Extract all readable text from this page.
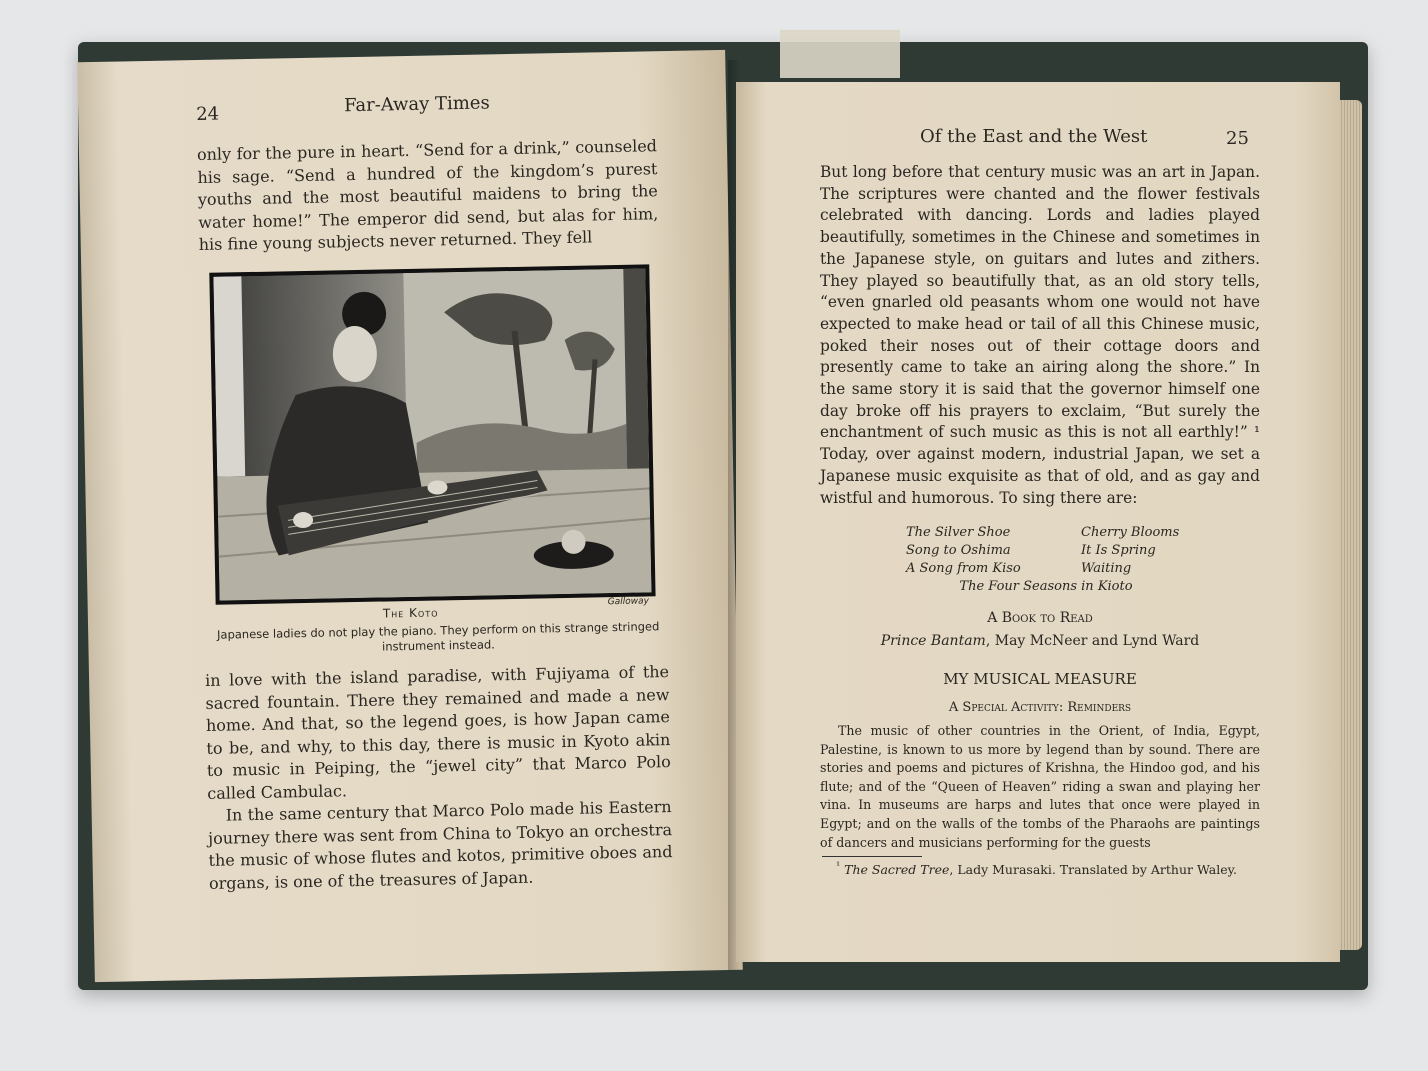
24	Far-Away Times

only for the pure in heart. “Send for a drink,” counseled his sage. “Send a hundred of the kingdom’s purest youths and the most beautiful maidens to bring the water home!” The emperor did send, but alas for him, his fine young subjects never returned. They fell

The Koto
Galloway
Japanese ladies do not play the piano. They perform on this strange stringed instrument instead.

in love with the island paradise, with Fujiyama of the sacred fountain. There they remained and made a new home. And that, so the legend goes, is how Japan came to be, and why, to this day, there is music in Kyoto akin to music in Peiping, the “jewel city” that Marco Polo called Cambulac.

In the same century that Marco Polo made his Eastern journey there was sent from China to Tokyo an orchestra the music of whose flutes and kotos, primitive oboes and organs, is one of the treasures of Japan.

Of the East and the West	25

But long before that century music was an art in Japan. The scriptures were chanted and the flower festivals celebrated with dancing. Lords and ladies played beautifully, sometimes in the Chinese and sometimes in the Japanese style, on guitars and lutes and zithers. They played so beautifully that, as an old story tells, “even gnarled old peasants whom one would not have expected to make head or tail of all this Chinese music, poked their noses out of their cottage doors and presently came to take an airing along the shore.” In the same story it is said that the governor himself one day broke off his prayers to exclaim, “But surely the enchantment of such music as this is not all earthly!” ¹ Today, over against modern, industrial Japan, we set a Japanese music exquisite as that of old, and as gay and wistful and humorous. To sing there are:

The Silver Shoe	Cherry Blooms
Song to Oshima	It Is Spring
A Song from Kiso	Waiting
The Four Seasons in Kioto
A Book to Read
Prince Bantam, May McNeer and Lynd Ward
MY MUSICAL MEASURE
A Special Activity: Reminders

The music of other countries in the Orient, of India, Egypt, Palestine, is known to us more by legend than by sound. There are stories and poems and pictures of Krishna, the Hindoo god, and his flute; and of the “Queen of Heaven” riding a swan and playing her vina. In museums are harps and lutes that once were played in Egypt; and on the walls of the tombs of the Pharaohs are paintings of dancers and musicians performing for the guests

$^{^1}$ The Sacred Tree, Lady Murasaki. Translated by Arthur Waley.
